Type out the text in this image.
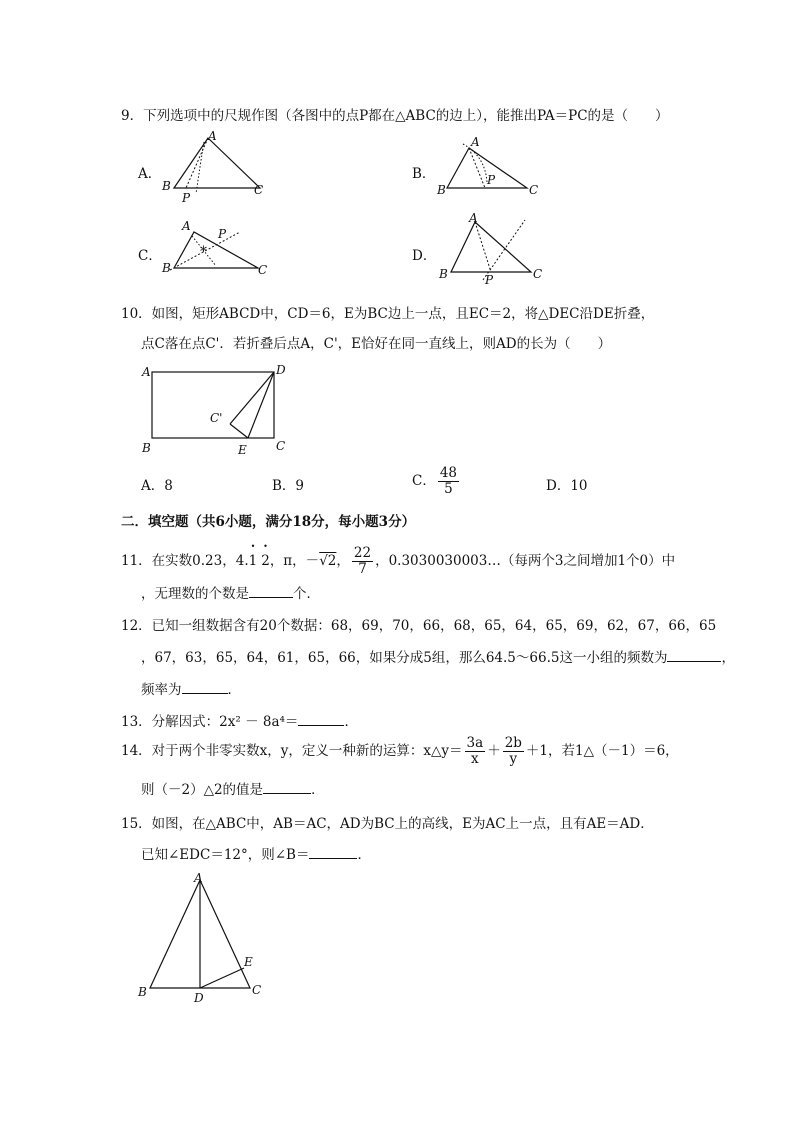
9．下列选项中的尺规作图（各图中的点P都在△ABC的边上），能推出PA＝PC的是（　　）
A．
A
B	C
P
B．
A
B	C
P
C．	*
A
B	C
P
D．
A
B	C
P
10．如图，矩形ABCD中，CD＝6，E为BC边上一点，且EC＝2，将△DEC沿DE折叠，
点C落在点C'．若折叠后点A，C'，E恰好在同一直线上，则AD的长为（　　）
A	D
B	C
E
C'
A．8	B．9	C． $\frac{48}{5}$	D．10
二．填空题（共6小题，满分18分，每小题3分）
11．在实数0.23，4.• 1 • 2，π，－√2， $\frac{22}{7}$ ，0.3030030003…（每两个3之间增加1个0）中
，无理数的个数是	个．
12．已知一组数据含有20个数据：68，69，70，66，68，65，64，65，69，62，67，66，65
，67，63，65，64，61，65，66，如果分成5组，那么64.5～66.5这一小组的频数为	，
频率为	．
13．分解因式：2x² － 8a⁴＝	．
14．对于两个非零实数x，y，定义一种新的运算：x△y＝ $\frac{3a}{x} + \frac{2b}{y} +1$，若1△（－1）＝6，
则（－2）△2的值是	．
15．如图，在△ABC中，AB＝AC，AD为BC上的高线，E为AC上一点，且有AE＝AD．
已知∠EDC＝12°，则∠B＝	．
A
B	D
C
E
